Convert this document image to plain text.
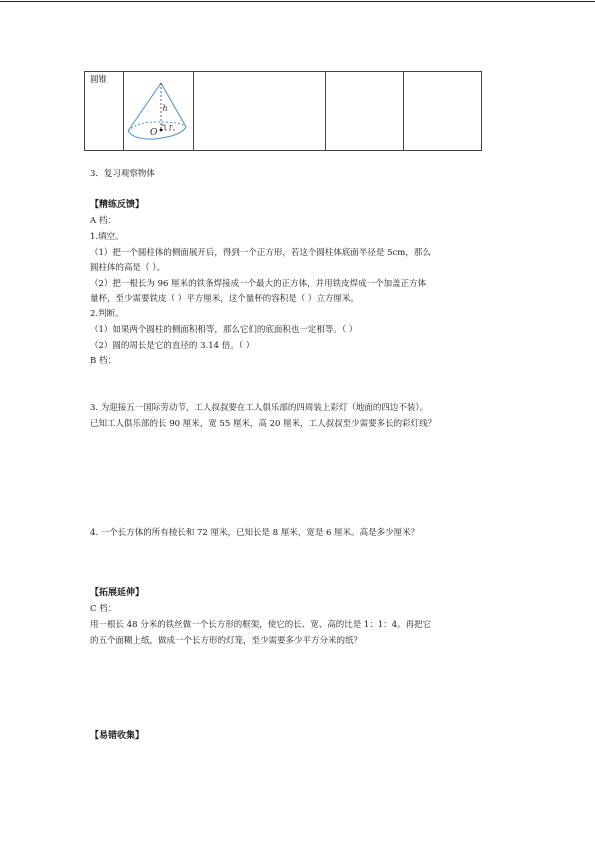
圆锥

h
r
O
3．复习观察物体
【精练反馈】
A 档：
1.填空。
（1）把一个圆柱体的侧面展开后，得到一个正方形，若这个圆柱体底面半径是 5cm，那么
圆柱体的高是（ ）。
（2）把一根长为 96 厘米的铁条焊接成一个最大的正方体，并用铁皮焊成一个加盖正方体
量杯，至少需要铁皮（ ）平方厘米，这个量杯的容积是（ ）立方厘米。
2.判断。
（1）如果两个圆柱的侧面积相等，那么它们的底面积也一定相等。（ ）
（2）圆的周长是它的直径的 3.14 倍。（ ）
B 档：
3. 为迎接五一国际劳动节，工人叔叔要在工人俱乐部的四周装上彩灯（地面的四边不装）。
已知工人俱乐部的长 90 厘米，宽 55 厘米，高 20 厘米，工人叔叔至少需要多长的彩灯线？
4. 一个长方体的所有棱长和 72 厘米，已知长是 8 厘米，宽是 6 厘米。高是多少厘米？
【拓展延伸】
C 档：
用一根长 48 分米的铁丝做一个长方形的框架，使它的长、宽、高的比是 1：1：4。再把它
的五个面糊上纸，做成一个长方形的灯笼，至少需要多少平方分米的纸？
【易错收集】
